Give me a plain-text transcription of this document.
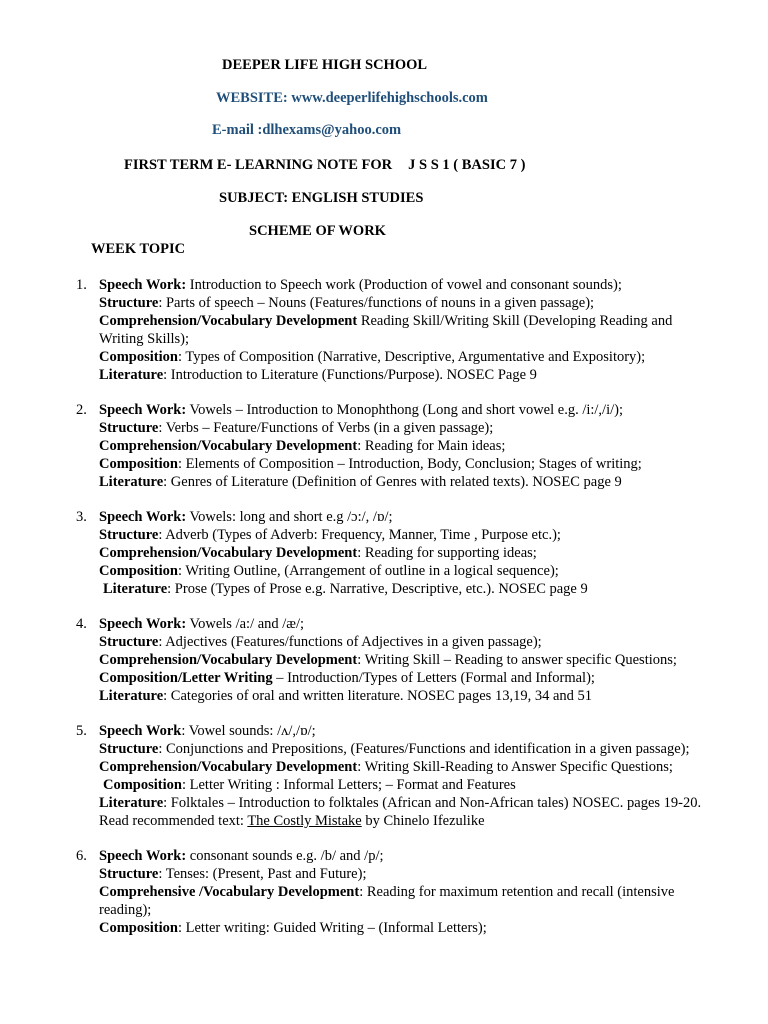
DEEPER LIFE HIGH SCHOOL
WEBSITE: www.deeperlifehighschools.com
E-mail :dlhexams@yahoo.com
FIRST TERM E- LEARNING NOTE FOR J S S 1 ( BASIC 7 )
SUBJECT: ENGLISH STUDIES
SCHEME OF WORK
WEEK TOPIC
1. Speech Work: Introduction to Speech work (Production of vowel and consonant sounds);
Structure: Parts of speech – Nouns (Features/functions of nouns in a given passage);
Comprehension/Vocabulary Development Reading Skill/Writing Skill (Developing Reading and Writing Skills);
Composition: Types of Composition (Narrative, Descriptive, Argumentative and Expository);
Literature: Introduction to Literature (Functions/Purpose). NOSEC Page 9
2. Speech Work: Vowels – Introduction to Monophthong (Long and short vowel e.g. /i:/,/i/);
Structure: Verbs – Feature/Functions of Verbs (in a given passage);
Comprehension/Vocabulary Development: Reading for Main ideas;
Composition: Elements of Composition – Introduction, Body, Conclusion; Stages of writing;
Literature: Genres of Literature (Definition of Genres with related texts). NOSEC page 9
3. Speech Work: Vowels: long and short e.g /ɔ:/, /ɒ/;
Structure: Adverb (Types of Adverb: Frequency, Manner, Time , Purpose etc.);
Comprehension/Vocabulary Development: Reading for supporting ideas;
Composition: Writing Outline, (Arrangement of outline in a logical sequence);
Literature: Prose (Types of Prose e.g. Narrative, Descriptive, etc.). NOSEC page 9
4. Speech Work: Vowels /a:/ and /æ/;
Structure: Adjectives (Features/functions of Adjectives in a given passage);
Comprehension/Vocabulary Development: Writing Skill – Reading to answer specific Questions;
Composition/Letter Writing – Introduction/Types of Letters (Formal and Informal);
Literature: Categories of oral and written literature. NOSEC pages 13,19, 34 and 51
5. Speech Work: Vowel sounds: /ʌ/,/ɒ/;
Structure: Conjunctions and Prepositions, (Features/Functions and identification in a given passage);
Comprehension/Vocabulary Development: Writing Skill-Reading to Answer Specific Questions;
Composition: Letter Writing : Informal Letters; – Format and Features
Literature: Folktales – Introduction to folktales (African and Non-African tales) NOSEC. pages 19-20. Read recommended text: The Costly Mistake by Chinelo Ifezulike
6. Speech Work: consonant sounds e.g. /b/ and /p/;
Structure: Tenses: (Present, Past and Future);
Comprehensive /Vocabulary Development: Reading for maximum retention and recall (intensive reading);
Composition: Letter writing: Guided Writing – (Informal Letters);
